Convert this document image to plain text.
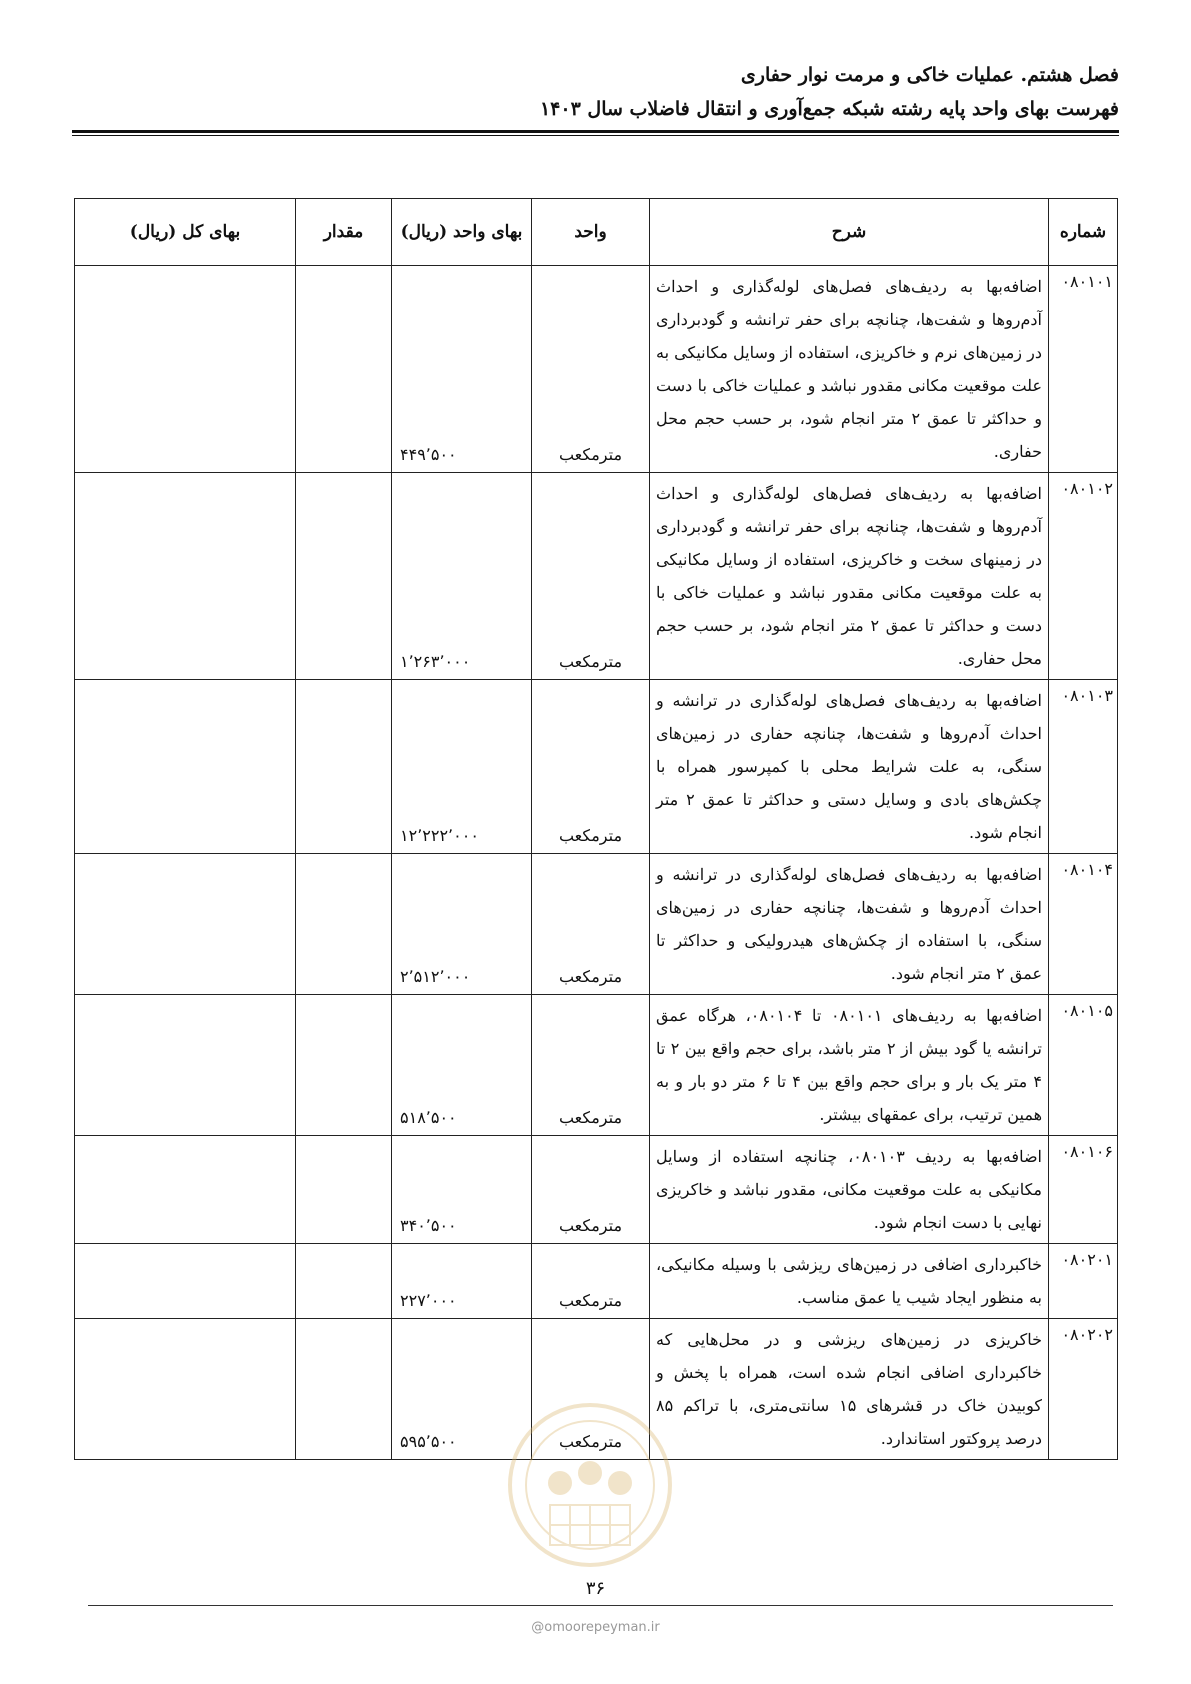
فصل هشتم. عملیات خاکی و مرمت نوار حفاری
فهرست بهای واحد پایه رشته شبکه جمع‌آوری و انتقال فاضلاب سال ۱۴۰۳
شماره	شرح	واحد	بهای واحد (ریال)	مقدار	بهای کل (ریال)
۰۸۰۱۰۱	اضافه‌بها به ردیف‌های فصل‌های لوله‌گذاری و احداث آدم‌روها و شفت‌ها، چنانچه برای حفر ترانشه و گودبرداری در زمین‌های نرم و خاکریزی، استفاده از وسایل مکانیکی به علت موقعیت مکانی مقدور نباشد و عملیات خاکی با دست و حداکثر تا عمق ۲ متر انجام شود، بر حسب حجم محل حفاری.	مترمکعب	۴۴۹٬۵۰۰		
۰۸۰۱۰۲	اضافه‌بها به ردیف‌های فصل‌های لوله‌گذاری و احداث آدم‌روها و شفت‌ها، چنانچه برای حفر ترانشه و گودبرداری در زمینهای سخت و خاکریزی، استفاده از وسایل مکانیکی به علت موقعیت مکانی مقدور نباشد و عملیات خاکی با دست و حداکثر تا عمق ۲ متر انجام شود، بر حسب حجم محل حفاری.	مترمکعب	۱٬۲۶۳٬۰۰۰		
۰۸۰۱۰۳	اضافه‌بها به ردیف‌های فصل‌های لوله‌گذاری در ترانشه و احداث آدم‌روها و شفت‌ها، چنانچه حفاری در زمین‌های سنگی، به علت شرایط محلی با کمپرسور همراه با چکش‌های بادی و وسایل دستی و حداکثر تا عمق ۲ متر انجام شود.	مترمکعب	۱۲٬۲۲۲٬۰۰۰		
۰۸۰۱۰۴	اضافه‌بها به ردیف‌های فصل‌های لوله‌گذاری در ترانشه و احداث آدم‌روها و شفت‌ها، چنانچه حفاری در زمین‌های سنگی، با استفاده از چکش‌های هیدرولیکی و حداکثر تا عمق ۲ متر انجام شود.	مترمکعب	۲٬۵۱۲٬۰۰۰		
۰۸۰۱۰۵	اضافه‌بها به ردیف‌های ۰۸۰۱۰۱ تا ۰۸۰۱۰۴، هرگاه عمق ترانشه یا گود بیش از ۲ متر باشد، برای حجم واقع بین ۲ تا ۴ متر یک بار و برای حجم واقع بین ۴ تا ۶ متر دو بار و به همین ترتیب، برای عمقهای بیشتر.	مترمکعب	۵۱۸٬۵۰۰		
۰۸۰۱۰۶	اضافه‌بها به ردیف ۰۸۰۱۰۳، چنانچه استفاده از وسایل مکانیکی به علت موقعیت مکانی، مقدور نباشد و خاکریزی نهایی با دست انجام شود.	مترمکعب	۳۴۰٬۵۰۰		
۰۸۰۲۰۱	خاکبرداری اضافی در زمین‌های ریزشی با وسیله مکانیکی، به منظور ایجاد شیب یا عمق مناسب.	مترمکعب	۲۲۷٬۰۰۰		
۰۸۰۲۰۲	خاکریزی در زمین‌های ریزشی و در محل‌هایی که خاکبرداری اضافی انجام شده است، همراه با پخش و کوبیدن خاک در قشرهای ۱۵ سانتی‌متری، با تراکم ۸۵ درصد پروکتور استاندارد.	مترمکعب	۵۹۵٬۵۰۰		
۳۶
@omoorepeyman.ir
